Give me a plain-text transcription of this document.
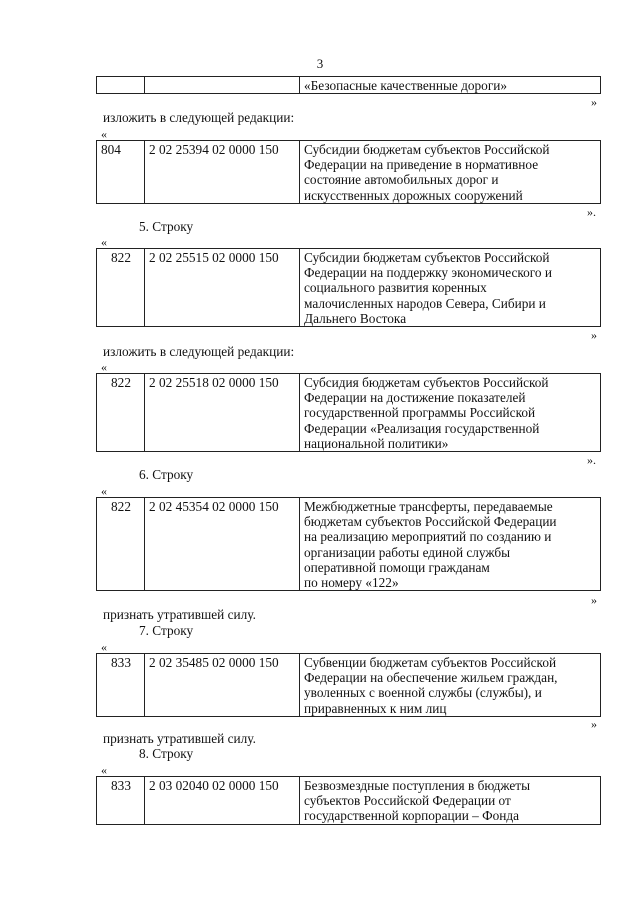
3

«Безопасные качественные дороги»
»
изложить в следующей редакции:
«
804	2 02 25394 02 0000 150	Субсидии бюджетам субъектов Российской
Федерации на приведение в нормативное
состояние автомобильных дорог и
искусственных дорожных сооружений
».
5. Строку
«
822	2 02 25515 02 0000 150	Субсидии бюджетам субъектов Российской
Федерации на поддержку экономического и
социального развития коренных
малочисленных народов Севера, Сибири и
Дальнего Востока
»
изложить в следующей редакции:
«
822	2 02 25518 02 0000 150	Субсидия бюджетам субъектов Российской
Федерации на достижение показателей
государственной программы Российской
Федерации «Реализация государственной
национальной политики»
».
6. Строку
«
822	2 02 45354 02 0000 150	Межбюджетные трансферты, передаваемые
бюджетам субъектов Российской Федерации
на реализацию мероприятий по созданию и
организации работы единой службы
оперативной помощи гражданам
по номеру «122»
»
признать утратившей силу.
7. Строку
«
833	2 02 35485 02 0000 150	Субвенции бюджетам субъектов Российской
Федерации на обеспечение жильем граждан,
уволенных с военной службы (службы), и
приравненных к ним лиц
»
признать утратившей силу.
8. Строку
«
833	2 03 02040 02 0000 150	Безвозмездные поступления в бюджеты
субъектов Российской Федерации от
государственной корпорации – Фонда
